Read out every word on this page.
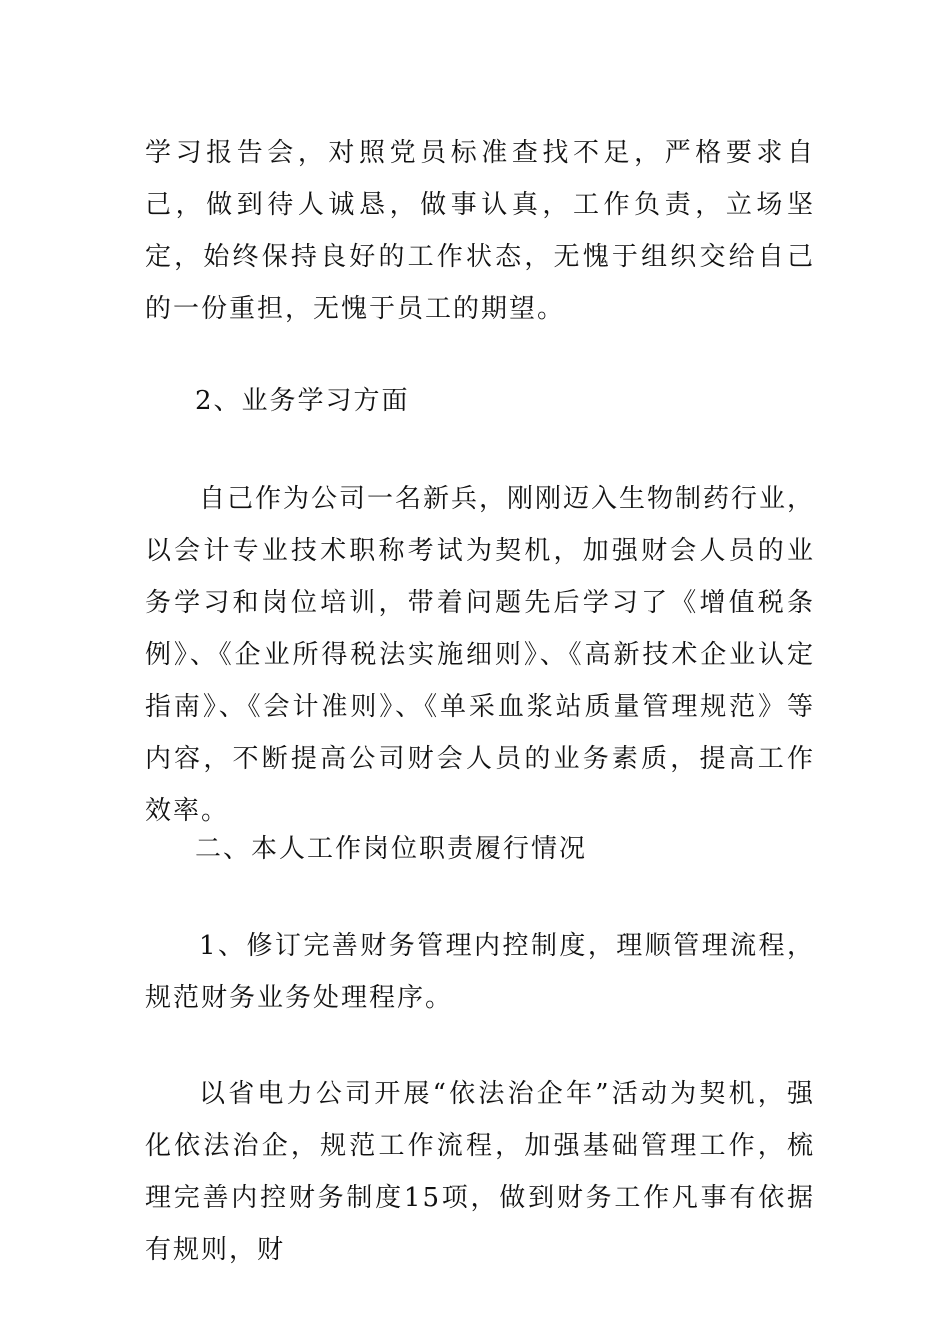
学习报告会，对照党员标准查找不足，严格要求自己，做到待人诚恳，做事认真，工作负责，立场坚定，始终保持良好的工作状态，无愧于组织交给自己的一份重担，无愧于员工的期望。

2、业务学习方面

自己作为公司一名新兵，刚刚迈入生物制药行业，以会计专业技术职称考试为契机，加强财会人员的业务学习和岗位培训，带着问题先后学习了《增值税条例》、《企业所得税法实施细则》、《高新技术企业认定指南》、《会计准则》、《单采血浆站质量管理规范》等内容，不断提高公司财会人员的业务素质，提高工作效率。

二、本人工作岗位职责履行情况

1、修订完善财务管理内控制度，理顺管理流程，规范财务业务处理程序。

以省电力公司开展“依法治企年”活动为契机，强化依法治企，规范工作流程，加强基础管理工作，梳理完善内控财务制度15项，做到财务工作凡事有依据有规则，财
